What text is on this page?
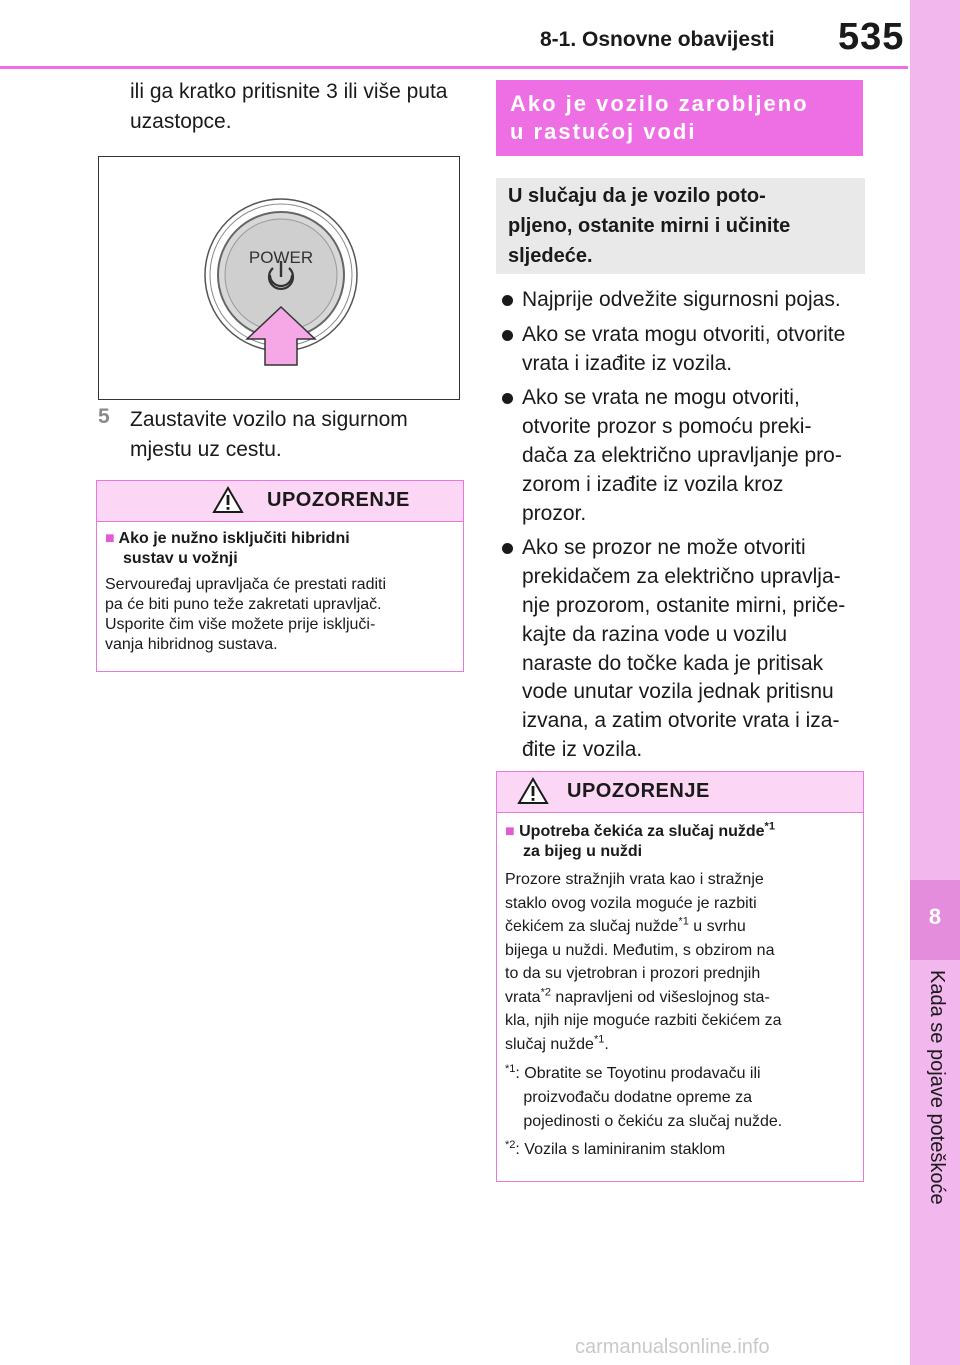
8-1. Osnovne obavijesti 535
8
Kada se pojave poteškoće
ili ga kratko pritisnite 3 ili više puta
uzastopce.
POWER
5 Zaustavite vozilo na sigurnom
mjestu uz cestu.
UPOZORENJE
■ Ako je nužno isključiti hibridni
sustav u vožnji
Servouređaj upravljača će prestati raditi
pa će biti puno teže zakretati upravljač.
Usporite čim više možete prije isključi-
vanja hibridnog sustava.
Ako je vozilo zarobljeno
u rastućoj vodi
U slučaju da je vozilo poto-
pljeno, ostanite mirni i učinite
sljedeće.
Najprije odvežite sigurnosni pojas.
Ako se vrata mogu otvoriti, otvorite
vrata i izađite iz vozila.
Ako se vrata ne mogu otvoriti,
otvorite prozor s pomoću preki-
dača za električno upravljanje pro-
zorom i izađite iz vozila kroz
prozor.
Ako se prozor ne može otvoriti
prekidačem za električno upravlja-
nje prozorom, ostanite mirni, priče-
kajte da razina vode u vozilu
naraste do točke kada je pritisak
vode unutar vozila jednak pritisnu
izvana, a zatim otvorite vrata i iza-
đite iz vozila.
UPOZORENJE
■ Upotreba čekića za slučaj nužde$^{*1}$
za bijeg u nuždi
Prozore stražnjih vrata kao i stražnje
staklo ovog vozila moguće je razbiti
čekićem za slučaj nužde$^{*1}$ u svrhu
bijega u nuždi. Međutim, s obzirom na
to da su vjetrobran i prozori prednjih
vrata$^{*2}$ napravljeni od višeslojnog sta-
kla, njih nije moguće razbiti čekićem za
slučaj nužde$^{*1}$.
*1 : Obratite se Toyotinu prodavaču ili
proizvođaču dodatne opreme za
pojedinosti o čekiću za slučaj nužde.
*2 : Vozila s laminiranim staklom
carmanualsonline.info
